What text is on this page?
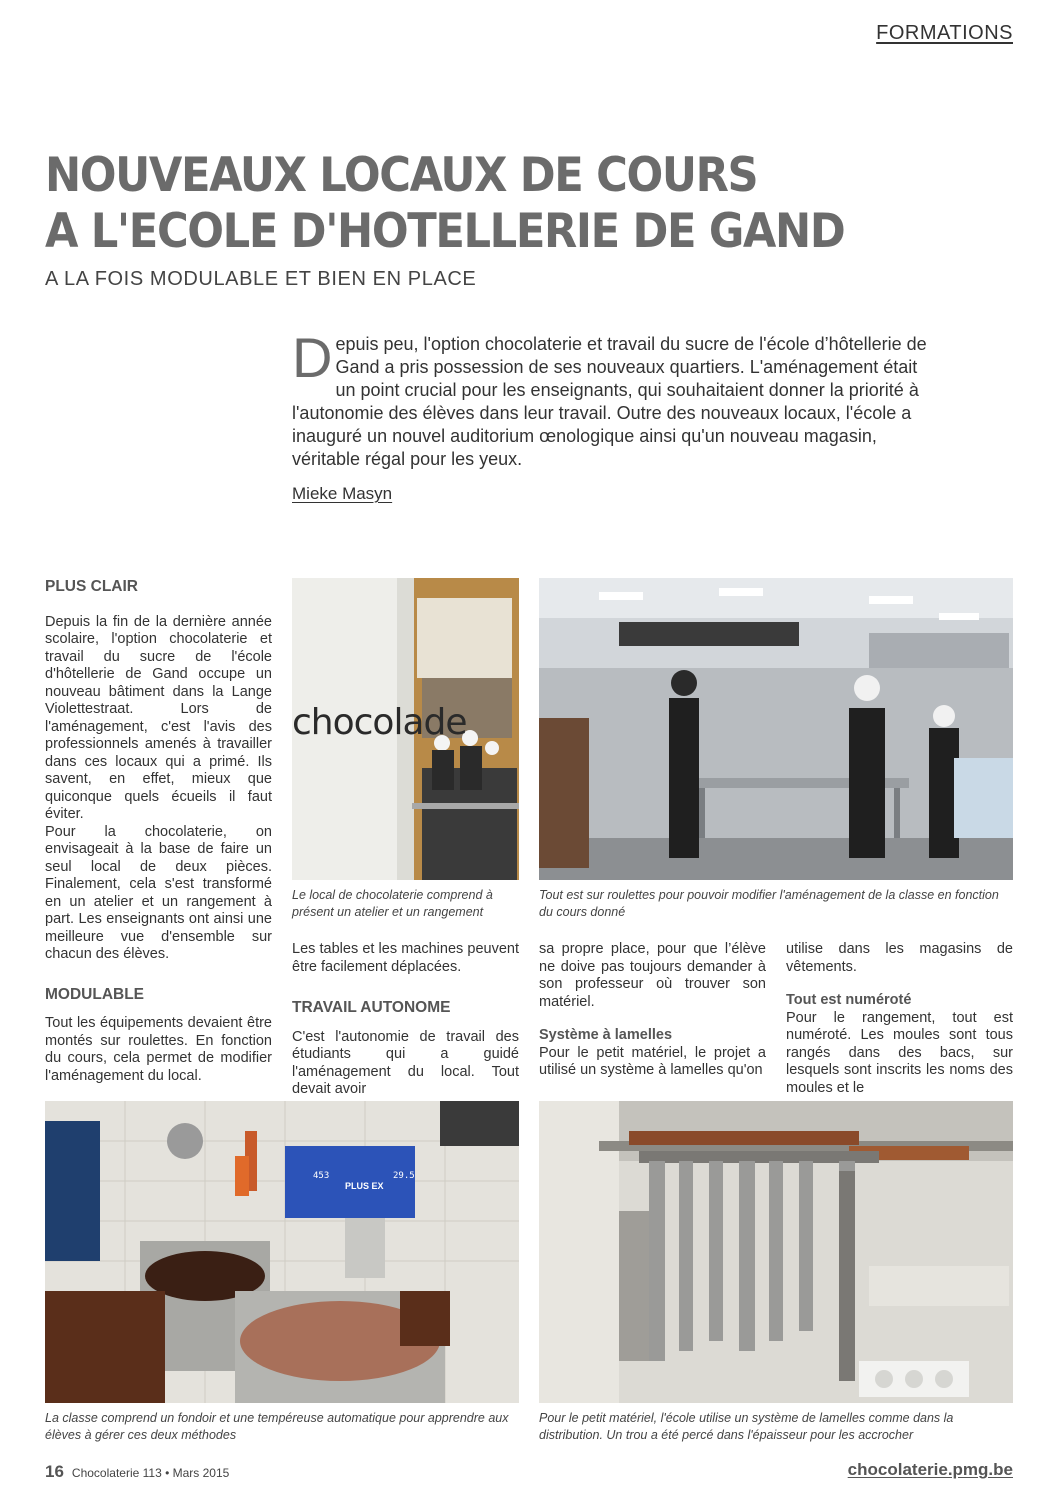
FORMATIONS
NOUVEAUX LOCAUX DE COURS
A L'ECOLE D'HOTELLERIE DE GAND
A LA FOIS MODULABLE ET BIEN EN PLACE
Depuis peu, l'option chocolaterie et travail du sucre de l'école d’hôtellerie de Gand a pris possession de ses nouveaux quartiers. L'aménagement était un point crucial pour les enseignants, qui souhaitaient donner la priorité à l'autonomie des élèves dans leur travail. Outre des nouveaux locaux, l'école a inauguré un nouvel auditorium œnologique ainsi qu'un nouveau magasin, véritable régal pour les yeux.
Mieke Masyn
PLUS CLAIR

Depuis la fin de la dernière année scolaire, l'option chocolaterie et travail du sucre de l'école d'hôtellerie de Gand occupe un nouveau bâtiment dans la Lange Violettestraat. Lors de l'aménagement, c'est l'avis des professionnels amenés à travailler dans ces locaux qui a primé. Ils savent, en effet, mieux que quiconque quels écueils il faut éviter.

Pour la chocolaterie, on envisageait à la base de faire un seul local de deux pièces. Finalement, cela s'est transformé en un atelier et un rangement à part. Les enseignants ont ainsi une meilleure vue d'ensemble sur chacun des élèves.

MODULABLE

Tout les équipements devaient être montés sur roulettes. En fonction du cours, cela permet de modifier l'aménagement du local.

chocolade
Le local de chocolaterie comprend à présent un atelier et un rangement
Tout est sur roulettes pour pouvoir modifier l'aménagement de la classe en fonction du cours donné

Les tables et les machines peuvent être facilement déplacées.

TRAVAIL AUTONOME

C'est l'autonomie de travail des étudiants qui a guidé l'aménagement du local. Tout devait avoir

sa propre place, pour que l’élève ne doive pas toujours demander à son professeur où trouver son matériel.

Système à lamelles

Pour le petit matériel, le projet a utilisé un système à lamelles qu'on

utilise dans les magasins de vêtements.

Tout est numéroté

Pour le rangement, tout est numéroté. Les moules sont tous rangés dans des bacs, sur lesquels sont inscrits les noms des moules et le

453	29.5
PLUS EX
La classe comprend un fondoir et une tempéreuse automatique pour apprendre aux élèves à gérer ces deux méthodes
Pour le petit matériel, l'école utilise un système de lamelles comme dans la distribution. Un trou a été percé dans l'épaisseur pour les accrocher
16 Chocolaterie 113 • Mars 2015	chocolaterie.pmg.be
